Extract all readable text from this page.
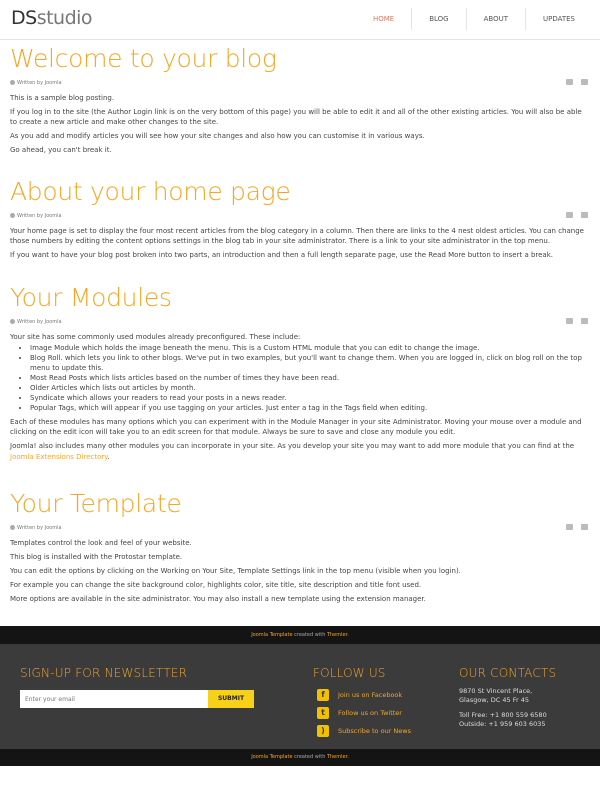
DSstudio	HOME	BLOG	ABOUT	UPDATES
Welcome to your blog
Written by Joomla

This is a sample blog posting.

If you log in to the site (the Author Login link is on the very bottom of this page) you will be able to edit it and all of the other existing articles. You will also be able to create a new article and make other changes to the site.

As you add and modify articles you will see how your site changes and also how you can customise it in various ways.

Go ahead, you can't break it.

About your home page
Written by Joomla

Your home page is set to display the four most recent articles from the blog category in a column. Then there are links to the 4 nest oldest articles. You can change those numbers by editing the content options settings in the blog tab in your site administrator. There is a link to your site administrator in the top menu.

If you want to have your blog post broken into two parts, an introduction and then a full length separate page, use the Read More button to insert a break.

Your Modules
Written by Joomla

Your site has some commonly used modules already preconfigured. These include:

• Image Module which holds the image beneath the menu. This is a Custom HTML module that you can edit to change the image.
• Blog Roll. which lets you link to other blogs. We've put in two examples, but you'll want to change them. When you are logged in, click on blog roll on the top menu to update this.
• Most Read Posts which lists articles based on the number of times they have been read.
• Older Articles which lists out articles by month.
• Syndicate which allows your readers to read your posts in a news reader.
• Popular Tags, which will appear if you use tagging on your articles. Just enter a tag in the Tags field when editing.

Each of these modules has many options which you can experiment with in the Module Manager in your site Administrator. Moving your mouse over a module and clicking on the edit icon will take you to an edit screen for that module. Always be sure to save and close any module you edit.

Joomla! also includes many other modules you can incorporate in your site. As you develop your site you may want to add more module that you can find at the Joomla Extensions Directory.

Your Template
Written by Joomla

Templates control the look and feel of your website.

This blog is installed with the Protostar template.

You can edit the options by clicking on the Working on Your Site, Template Settings link in the top menu (visible when you login).

For example you can change the site background color, highlights color, site title, site description and title font used.

More options are available in the site administrator. You may also install a new template using the extension manager.

Joomla Template created with Themler.
SIGN-UP FOR NEWSLETTER
Enter your email
SUBMIT
FOLLOW US
f	Join us on Facebook
t	Follow us on Twitter
)	Subscribe to our News
OUR CONTACTS

9870 St Vincent Place,

Glasgow, DC 45 Fr 45

Toll Free: +1 800 559 6580

Outside: +1 959 603 6035

Joomla Template created with Themler.
